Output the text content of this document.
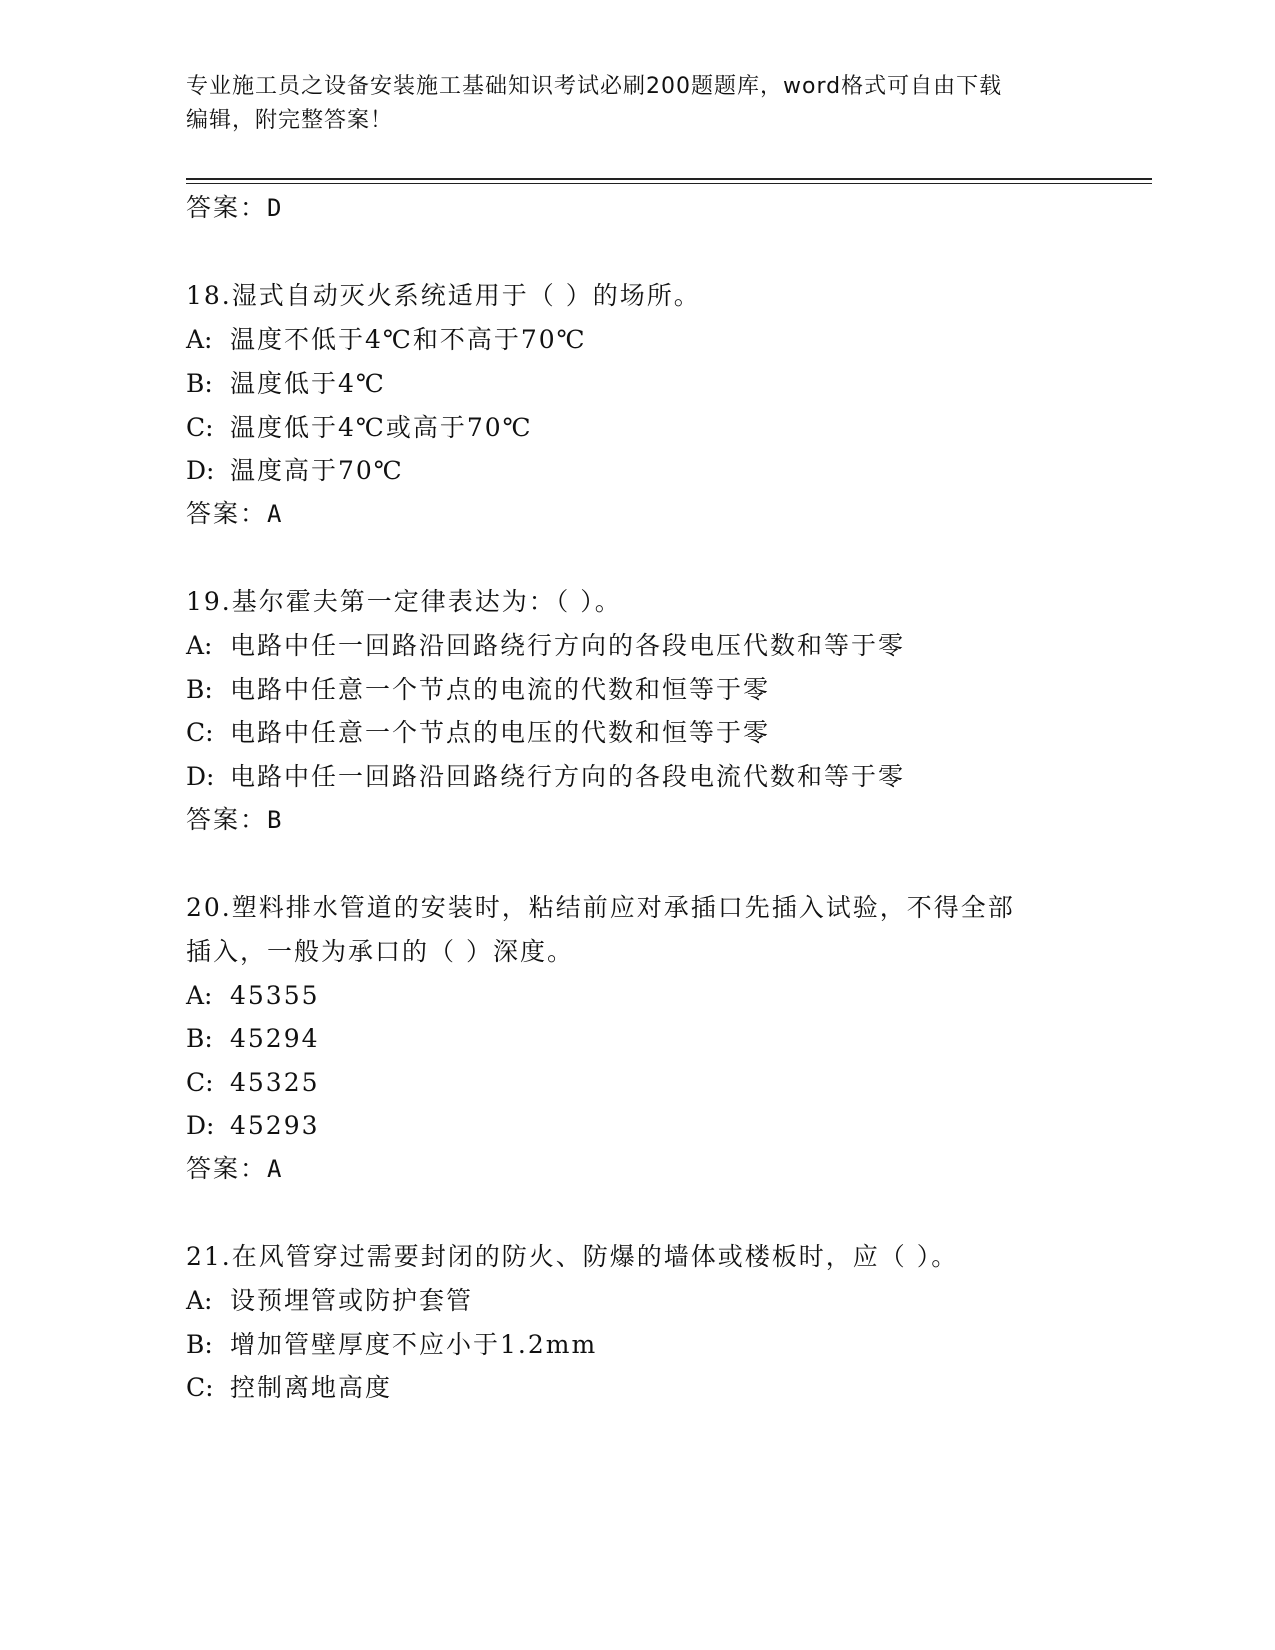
专业施工员之设备安装施工基础知识考试必刷200题题库，word格式可自由下载
编辑，附完整答案！
答案：D
18.湿式自动灭火系统适用于（ ）的场所。
A: 温度不低于4℃和不高于70℃
B: 温度低于4℃
C: 温度低于4℃或高于70℃
D: 温度高于70℃
答案：A
19.基尔霍夫第一定律表达为：（ ）。
A: 电路中任一回路沿回路绕行方向的各段电压代数和等于零
B: 电路中任意一个节点的电流的代数和恒等于零
C: 电路中任意一个节点的电压的代数和恒等于零
D: 电路中任一回路沿回路绕行方向的各段电流代数和等于零
答案：B
20.塑料排水管道的安装时，粘结前应对承插口先插入试验，不得全部
插入，一般为承口的（ ）深度。
A: 45355
B: 45294
C: 45325
D: 45293
答案：A
21.在风管穿过需要封闭的防火、防爆的墙体或楼板时，应（ ）。
A: 设预埋管或防护套管
B: 增加管壁厚度不应小于1.2mm
C: 控制离地高度
